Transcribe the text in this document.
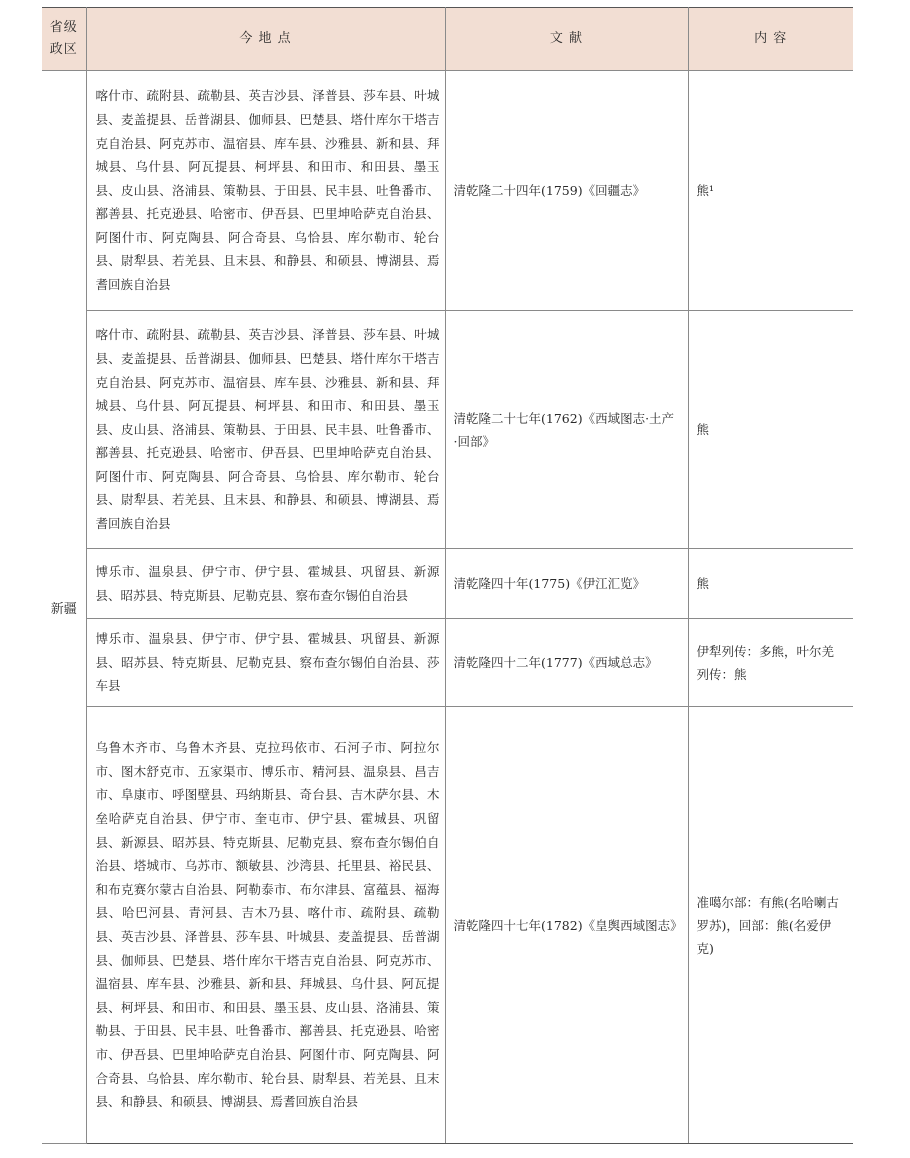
省级政区	今 地 点	文 献	内 容
新疆	喀什市、疏附县、疏勒县、英吉沙县、泽普县、莎车县、叶城县、麦盖提县、岳普湖县、伽师县、巴楚县、塔什库尔干塔吉克自治县、阿克苏市、温宿县、库车县、沙雅县、新和县、拜城县、乌什县、阿瓦提县、柯坪县、和田市、和田县、墨玉县、皮山县、洛浦县、策勒县、于田县、民丰县、吐鲁番市、鄯善县、托克逊县、哈密市、伊吾县、巴里坤哈萨克自治县、阿图什市、阿克陶县、阿合奇县、乌恰县、库尔勒市、轮台县、尉犁县、若羌县、且末县、和静县、和硕县、博湖县、焉耆回族自治县	清乾隆二十四年(1759)《回疆志》	熊¹
	喀什市、疏附县、疏勒县、英吉沙县、泽普县、莎车县、叶城县、麦盖提县、岳普湖县、伽师县、巴楚县、塔什库尔干塔吉克自治县、阿克苏市、温宿县、库车县、沙雅县、新和县、拜城县、乌什县、阿瓦提县、柯坪县、和田市、和田县、墨玉县、皮山县、洛浦县、策勒县、于田县、民丰县、吐鲁番市、鄯善县、托克逊县、哈密市、伊吾县、巴里坤哈萨克自治县、阿图什市、阿克陶县、阿合奇县、乌恰县、库尔勒市、轮台县、尉犁县、若羌县、且末县、和静县、和硕县、博湖县、焉耆回族自治县	清乾隆二十七年(1762)《西域图志·土产·回部》	熊
	博乐市、温泉县、伊宁市、伊宁县、霍城县、巩留县、新源县、昭苏县、特克斯县、尼勒克县、察布查尔锡伯自治县	清乾隆四十年(1775)《伊江汇览》	熊
	博乐市、温泉县、伊宁市、伊宁县、霍城县、巩留县、新源县、昭苏县、特克斯县、尼勒克县、察布查尔锡伯自治县、莎车县	清乾隆四十二年(1777)《西域总志》	伊犁列传：多熊，叶尔羌列传：熊
	乌鲁木齐市、乌鲁木齐县、克拉玛依市、石河子市、阿拉尔市、图木舒克市、五家渠市、博乐市、精河县、温泉县、昌吉市、阜康市、呼图壁县、玛纳斯县、奇台县、吉木萨尔县、木垒哈萨克自治县、伊宁市、奎屯市、伊宁县、霍城县、巩留县、新源县、昭苏县、特克斯县、尼勒克县、察布查尔锡伯自治县、塔城市、乌苏市、额敏县、沙湾县、托里县、裕民县、和布克赛尔蒙古自治县、阿勒泰市、布尔津县、富蕴县、福海县、哈巴河县、青河县、吉木乃县、喀什市、疏附县、疏勒县、英吉沙县、泽普县、莎车县、叶城县、麦盖提县、岳普湖县、伽师县、巴楚县、塔什库尔干塔吉克自治县、阿克苏市、温宿县、库车县、沙雅县、新和县、拜城县、乌什县、阿瓦提县、柯坪县、和田市、和田县、墨玉县、皮山县、洛浦县、策勒县、于田县、民丰县、吐鲁番市、鄯善县、托克逊县、哈密市、伊吾县、巴里坤哈萨克自治县、阿图什市、阿克陶县、阿合奇县、乌恰县、库尔勒市、轮台县、尉犁县、若羌县、且末县、和静县、和硕县、博湖县、焉耆回族自治县	清乾隆四十七年(1782)《皇舆西域图志》	准噶尔部：有熊(名哈喇古罗苏)，回部：熊(名爱伊克)
